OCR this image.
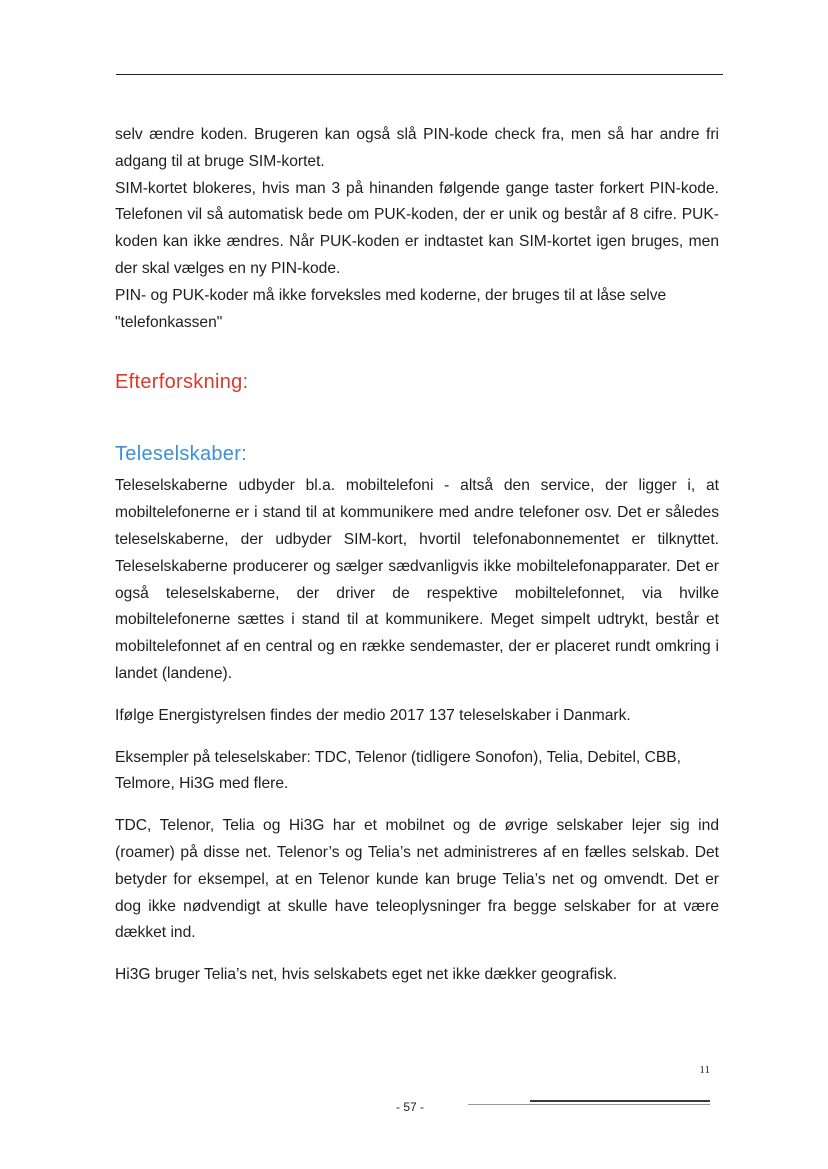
selv ændre koden. Brugeren kan også slå PIN-kode check fra, men så har andre fri adgang til at bruge SIM-kortet.

SIM-kortet blokeres, hvis man 3 på hinanden følgende gange taster forkert PIN-kode. Telefonen vil så automatisk bede om PUK-koden, der er unik og består af 8 cifre. PUK-koden kan ikke ændres. Når PUK-koden er indtastet kan SIM-kortet igen bruges, men der skal vælges en ny PIN-kode.

PIN- og PUK-koder må ikke forveksles med koderne, der bruges til at låse selve "telefonkassen"

Efterforskning:
Teleselskaber:

Teleselskaberne udbyder bl.a. mobiltelefoni - altså den service, der ligger i, at mobiltelefonerne er i stand til at kommunikere med andre telefoner osv. Det er således teleselskaberne, der udbyder SIM-kort, hvortil telefonabonnementet er tilknyttet. Teleselskaberne producerer og sælger sædvanligvis ikke mobiltelefonapparater. Det er også teleselskaberne, der driver de respektive mobiltelefonnet, via hvilke mobiltelefonerne sættes i stand til at kommunikere. Meget simpelt udtrykt, består et mobiltelefonnet af en central og en række sendemaster, der er placeret rundt omkring i landet (landene).

Ifølge Energistyrelsen findes der medio 2017 137 teleselskaber i Danmark.

Eksempler på teleselskaber: TDC, Telenor (tidligere Sonofon), Telia, Debitel, CBB, Telmore, Hi3G med flere.

TDC, Telenor, Telia og Hi3G har et mobilnet og de øvrige selskaber lejer sig ind (roamer) på disse net. Telenor’s og Telia’s net administreres af en fælles selskab. Det betyder for eksempel, at en Telenor kunde kan bruge Telia’s net og omvendt. Det er dog ikke nødvendigt at skulle have teleoplysninger fra begge selskaber for at være dækket ind.

Hi3G bruger Telia’s net, hvis selskabets eget net ikke dækker geografisk.

11
- 57 -
